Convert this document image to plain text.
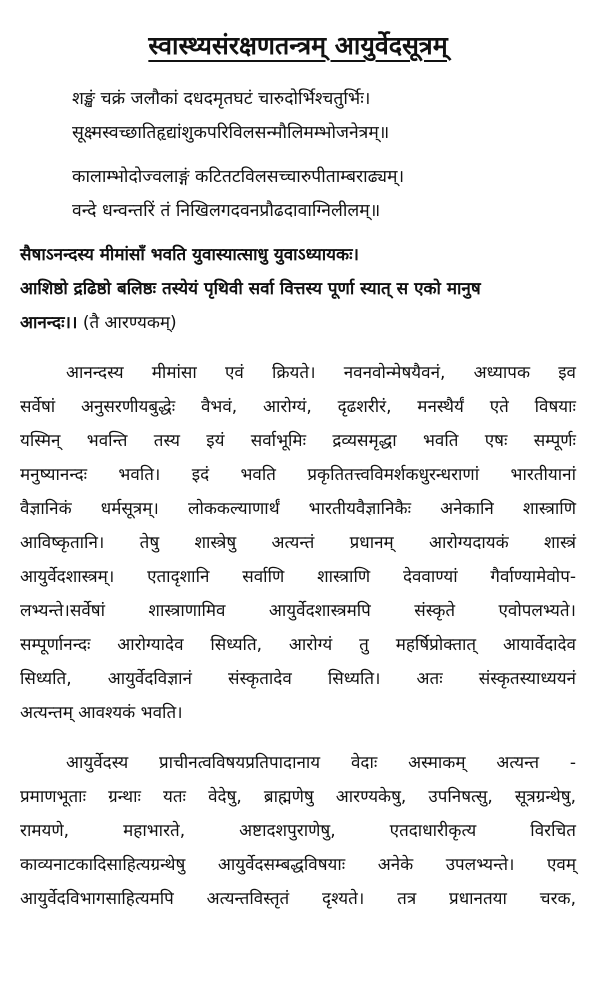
स्वास्थ्यसंरक्षणतन्त्रम् आयुर्वेदसूत्रम्
शङ्खं चक्रं जलौकां दधदमृतघटं चारुदोर्भिश्चतुर्भिः।
सूक्ष्मस्वच्छातिहृद्यांशुकपरिविलसन्मौलिमम्भोजनेत्रम्॥
कालाम्भोदोज्वलाङ्गं कटितटविलसच्चारुपीताम्बराढ्यम्।
वन्दे धन्वन्तरिं तं निखिलगदवनप्रौढदावाग्निलीलम्॥
सैषाऽनन्दस्य मीमांसाँ भवति युवास्यात्साधु युवाऽध्यायकः।
आशिष्ठो द्रढिष्ठो बलिष्ठः तस्येयं पृथिवी सर्वा वित्तस्य पूर्णा स्यात् स एको मानुष
आनन्दः।। (तै आरण्यकम्)
आनन्दस्य मीमांसा एवं क्रियते। नवनवोन्मेषयैवनं, अध्यापक इव
सर्वेषां अनुसरणीयबुद्धेः वैभवं, आरोग्यं, दृढशरीरं, मनस्थैर्यं एते विषयाः
यस्मिन् भवन्ति तस्य इयं सर्वाभूमिः द्रव्यसमृद्धा भवति एषः सम्पूर्णः
मनुष्यानन्दः भवति। इदं भवति प्रकृतितत्त्वविमर्शकधुरन्धराणां भारतीयानां
वैज्ञानिकं धर्मसूत्रम्। लोककल्याणार्थं भारतीयवैज्ञानिकैः अनेकानि शास्त्राणि
आविष्कृतानि। तेषु शास्त्रेषु अत्यन्तं प्रधानम् आरोग्यदायकं शास्त्रं
आयुर्वेदशास्त्रम्। एतादृशानि सर्वाणि शास्त्राणि देववाण्यां गैर्वाण्यामेवोप-
लभ्यन्ते।सर्वेषां शास्त्राणामिव आयुर्वेदशास्त्रमपि संस्कृते एवोपलभ्यते।
सम्पूर्णानन्दः आरोग्यादेव सिध्यति, आरोग्यं तु महर्षिप्रोक्तात् आयार्वेदादेव
सिध्यति, आयुर्वेदविज्ञानं संस्कृतादेव सिध्यति। अतः संस्कृतस्याध्ययनं
अत्यन्तम् आवश्यकं भवति।
आयुर्वेदस्य प्राचीनत्वविषयप्रतिपादानाय वेदाः अस्माकम् अत्यन्त -
प्रमाणभूताः ग्रन्थाः यतः वेदेषु, ब्राह्मणेषु आरण्यकेषु, उपनिषत्सु, सूत्रग्रन्थेषु,
रामयणे, महाभारते, अष्टादशपुराणेषु, एतदाधारीकृत्य विरचित
काव्यनाटकादिसाहित्यग्रन्थेषु आयुर्वेदसम्बद्धविषयाः अनेके उपलभ्यन्ते। एवम्
आयुर्वेदविभागसाहित्यमपि अत्यन्तविस्तृतं दृश्यते। तत्र प्रधानतया चरक,
